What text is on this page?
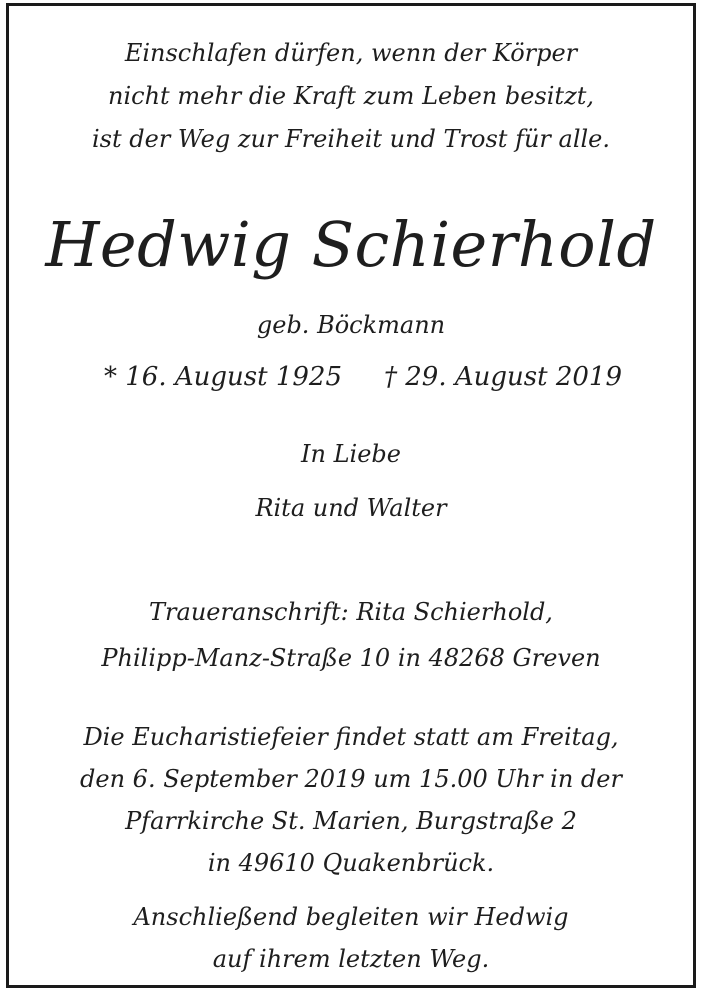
Einschlafen dürfen, wenn der Körper
nicht mehr die Kraft zum Leben besitzt,
ist der Weg zur Freiheit und Trost für alle.
Hedwig Schierhold
geb. Böckmann
* 16. August 1925 † 29. August 2019
In Liebe
Rita und Walter
Traueranschrift: Rita Schierhold,
Philipp-Manz-Straße 10 in 48268 Greven
Die Eucharistiefeier findet statt am Freitag,
den 6. September 2019 um 15.00 Uhr in der
Pfarrkirche St. Marien, Burgstraße 2
in 49610 Quakenbrück.
Anschließend begleiten wir Hedwig
auf ihrem letzten Weg.
